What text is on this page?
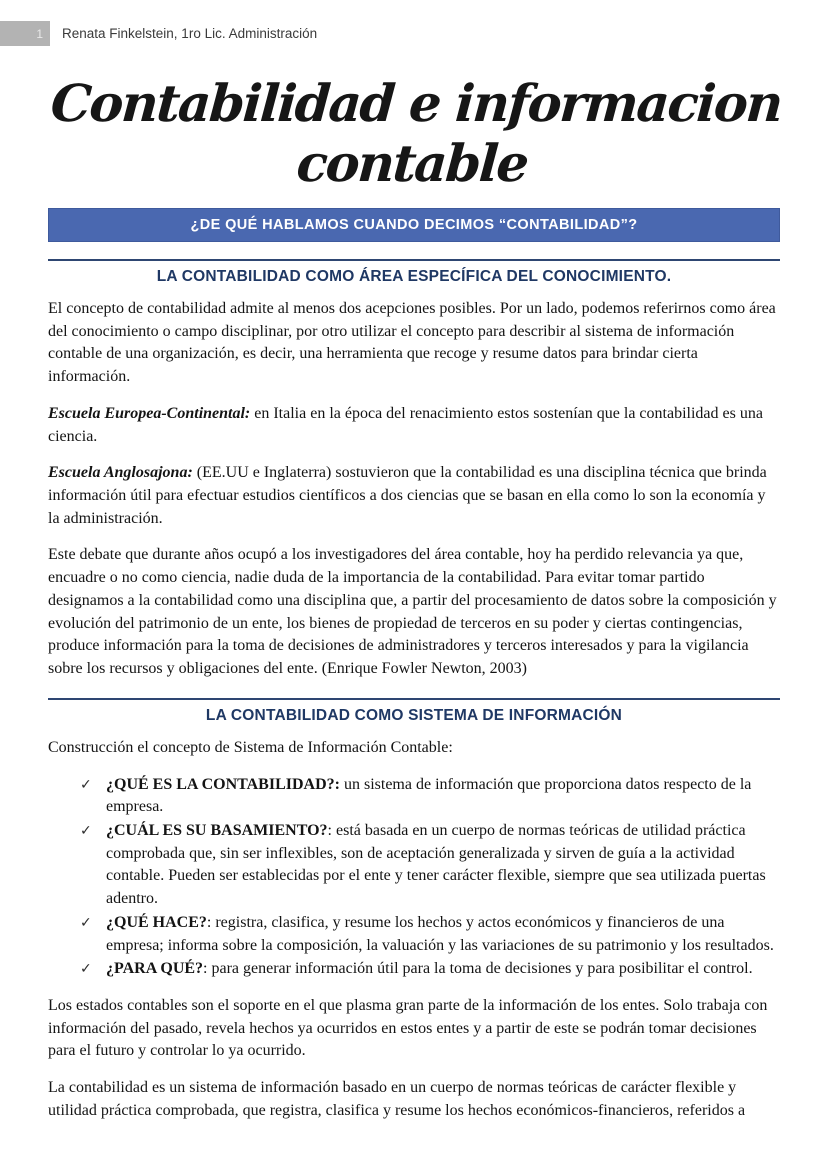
1	Renata Finkelstein, 1ro Lic. Administración
Contabilidad e informacion contable
¿DE QUÉ HABLAMOS CUANDO DECIMOS “CONTABILIDAD”?
LA CONTABILIDAD COMO ÁREA ESPECÍFICA DEL CONOCIMIENTO.

El concepto de contabilidad admite al menos dos acepciones posibles. Por un lado, podemos referirnos como área del conocimiento o campo disciplinar, por otro utilizar el concepto para describir al sistema de información contable de una organización, es decir, una herramienta que recoge y resume datos para brindar cierta información.

Escuela Europea-Continental: en Italia en la época del renacimiento estos sostenían que la contabilidad es una ciencia.

Escuela Anglosajona: (EE.UU e Inglaterra) sostuvieron que la contabilidad es una disciplina técnica que brinda información útil para efectuar estudios científicos a dos ciencias que se basan en ella como lo son la economía y la administración.

Este debate que durante años ocupó a los investigadores del área contable, hoy ha perdido relevancia ya que, encuadre o no como ciencia, nadie duda de la importancia de la contabilidad. Para evitar tomar partido designamos a la contabilidad como una disciplina que, a partir del procesamiento de datos sobre la composición y evolución del patrimonio de un ente, los bienes de propiedad de terceros en su poder y ciertas contingencias, produce información para la toma de decisiones de administradores y terceros interesados y para la vigilancia sobre los recursos y obligaciones del ente. (Enrique Fowler Newton, 2003)

LA CONTABILIDAD COMO SISTEMA DE INFORMACIÓN

Construcción el concepto de Sistema de Información Contable:

✓ ¿QUÉ ES LA CONTABILIDAD?: un sistema de información que proporciona datos respecto de la empresa.
✓ ¿CUÁL ES SU BASAMIENTO?: está basada en un cuerpo de normas teóricas de utilidad práctica comprobada que, sin ser inflexibles, son de aceptación generalizada y sirven de guía a la actividad contable. Pueden ser establecidas por el ente y tener carácter flexible, siempre que sea utilizada puertas adentro.
✓ ¿QUÉ HACE?: registra, clasifica, y resume los hechos y actos económicos y financieros de una empresa; informa sobre la composición, la valuación y las variaciones de su patrimonio y los resultados.
✓ ¿PARA QUÉ?: para generar información útil para la toma de decisiones y para posibilitar el control.

Los estados contables son el soporte en el que plasma gran parte de la información de los entes. Solo trabaja con información del pasado, revela hechos ya ocurridos en estos entes y a partir de este se podrán tomar decisiones para el futuro y controlar lo ya ocurrido.

La contabilidad es un sistema de información basado en un cuerpo de normas teóricas de carácter flexible y utilidad práctica comprobada, que registra, clasifica y resume los hechos económicos-financieros, referidos a
